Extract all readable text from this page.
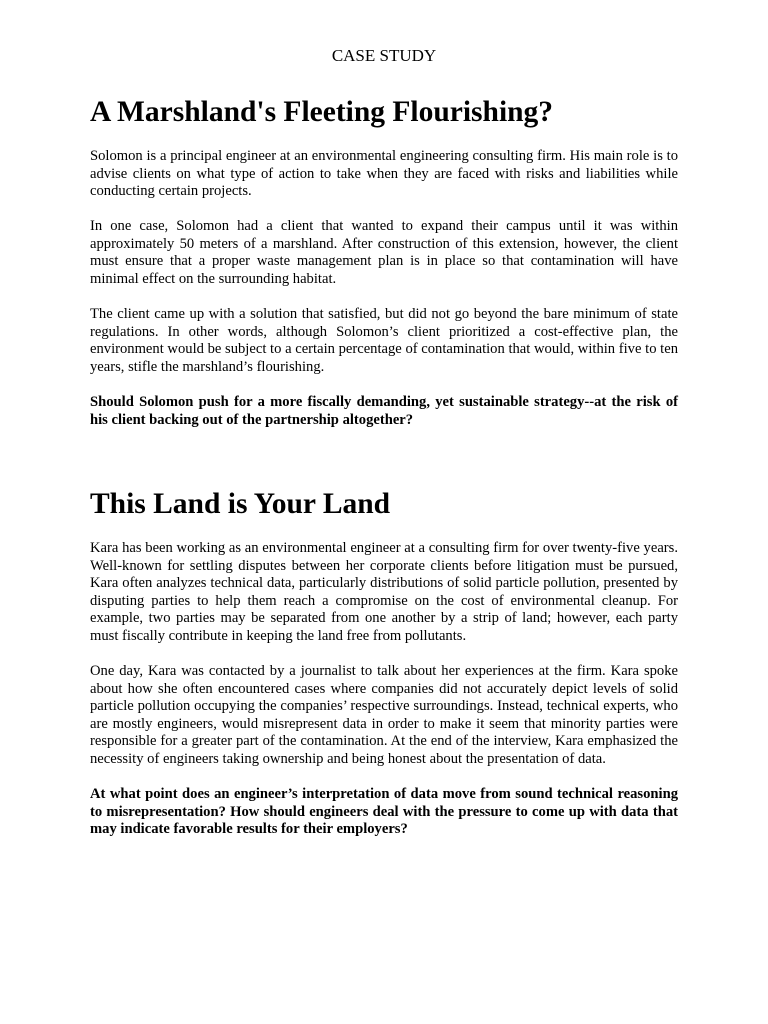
CASE STUDY
A Marshland's Fleeting Flourishing?

Solomon is a principal engineer at an environmental engineering consulting firm. His main role is to advise clients on what type of action to take when they are faced with risks and liabilities while conducting certain projects.

In one case, Solomon had a client that wanted to expand their campus until it was within approximately 50 meters of a marshland. After construction of this extension, however, the client must ensure that a proper waste management plan is in place so that contamination will have minimal effect on the surrounding habitat.

The client came up with a solution that satisfied, but did not go beyond the bare minimum of state regulations. In other words, although Solomon’s client prioritized a cost-effective plan, the environment would be subject to a certain percentage of contamination that would, within five to ten years, stifle the marshland’s flourishing.

Should Solomon push for a more fiscally demanding, yet sustainable strategy--at the risk of his client backing out of the partnership altogether?

This Land is Your Land

Kara has been working as an environmental engineer at a consulting firm for over twenty-five years. Well-known for settling disputes between her corporate clients before litigation must be pursued, Kara often analyzes technical data, particularly distributions of solid particle pollution, presented by disputing parties to help them reach a compromise on the cost of environmental cleanup. For example, two parties may be separated from one another by a strip of land; however, each party must fiscally contribute in keeping the land free from pollutants.

One day, Kara was contacted by a journalist to talk about her experiences at the firm. Kara spoke about how she often encountered cases where companies did not accurately depict levels of solid particle pollution occupying the companies’ respective surroundings. Instead, technical experts, who are mostly engineers, would misrepresent data in order to make it seem that minority parties were responsible for a greater part of the contamination. At the end of the interview, Kara emphasized the necessity of engineers taking ownership and being honest about the presentation of data.

At what point does an engineer’s interpretation of data move from sound technical reasoning to misrepresentation? How should engineers deal with the pressure to come up with data that may indicate favorable results for their employers?
